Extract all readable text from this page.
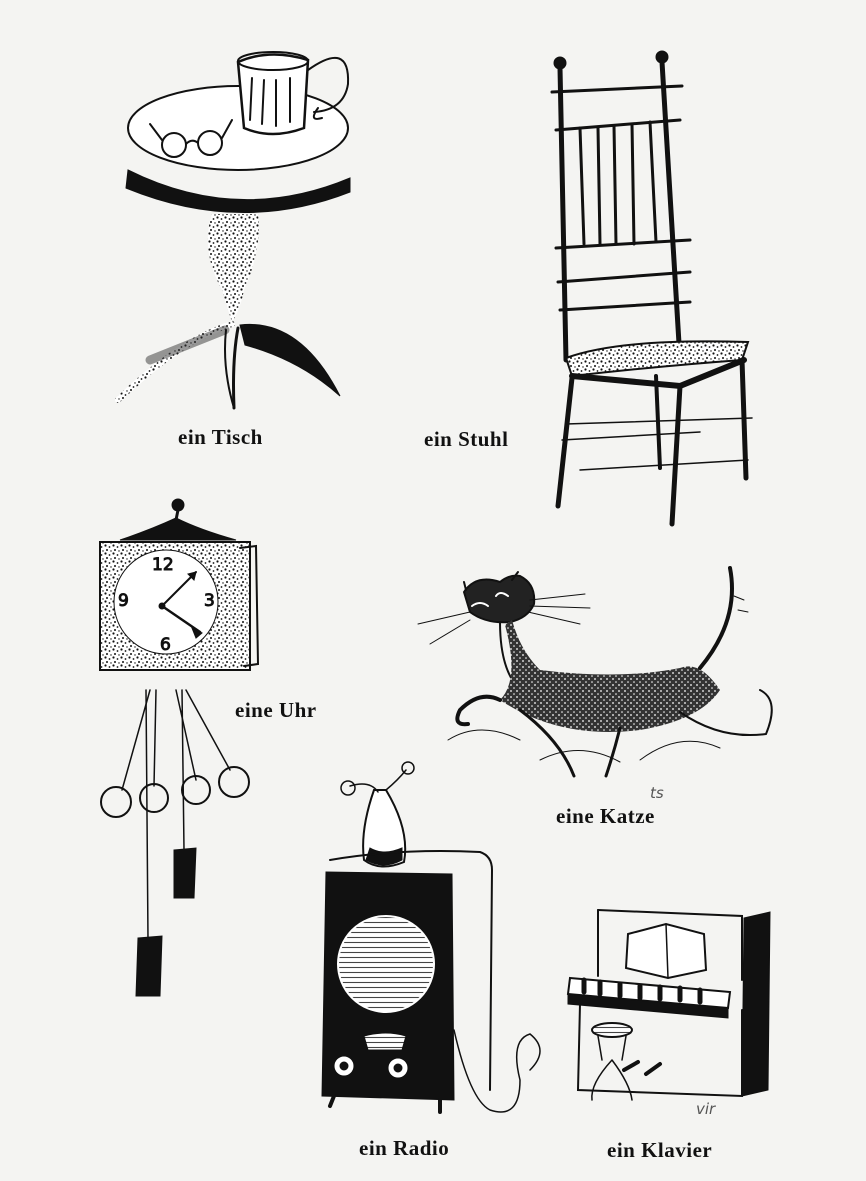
12
3
6
9
ein Tisch	ein Stuhl
eine Uhr
eine Katze
ein Radio	ein Klavier
ts
vir
